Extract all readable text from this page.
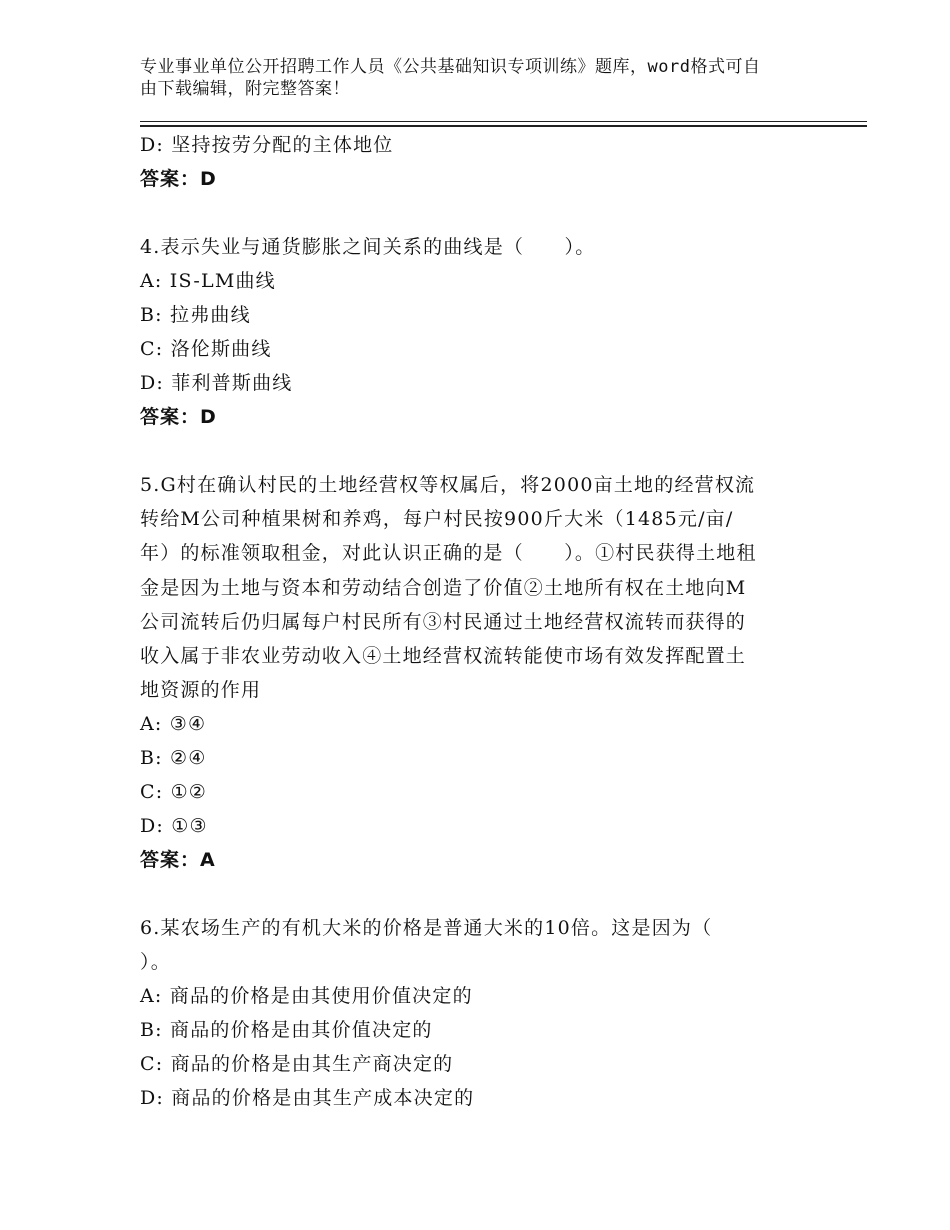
专业事业单位公开招聘工作人员《公共基础知识专项训练》题库，word格式可自
由下载编辑，附完整答案！
D: 坚持按劳分配的主体地位
答案：D
4.表示失业与通货膨胀之间关系的曲线是（　　）。
A: IS-LM曲线
B: 拉弗曲线
C: 洛伦斯曲线
D: 菲利普斯曲线
答案：D
5.G村在确认村民的土地经营权等权属后，将2000亩土地的经营权流
转给M公司种植果树和养鸡，每户村民按900斤大米（1485元/亩/
年）的标准领取租金，对此认识正确的是（　　）。①村民获得土地租
金是因为土地与资本和劳动结合创造了价值②土地所有权在土地向M
公司流转后仍归属每户村民所有③村民通过土地经营权流转而获得的
收入属于非农业劳动收入④土地经营权流转能使市场有效发挥配置土
地资源的作用
A: ③④
B: ②④
C: ①②
D: ①③
答案：A
6.某农场生产的有机大米的价格是普通大米的10倍。这是因为（
）。
A: 商品的价格是由其使用价值决定的
B: 商品的价格是由其价值决定的
C: 商品的价格是由其生产商决定的
D: 商品的价格是由其生产成本决定的
